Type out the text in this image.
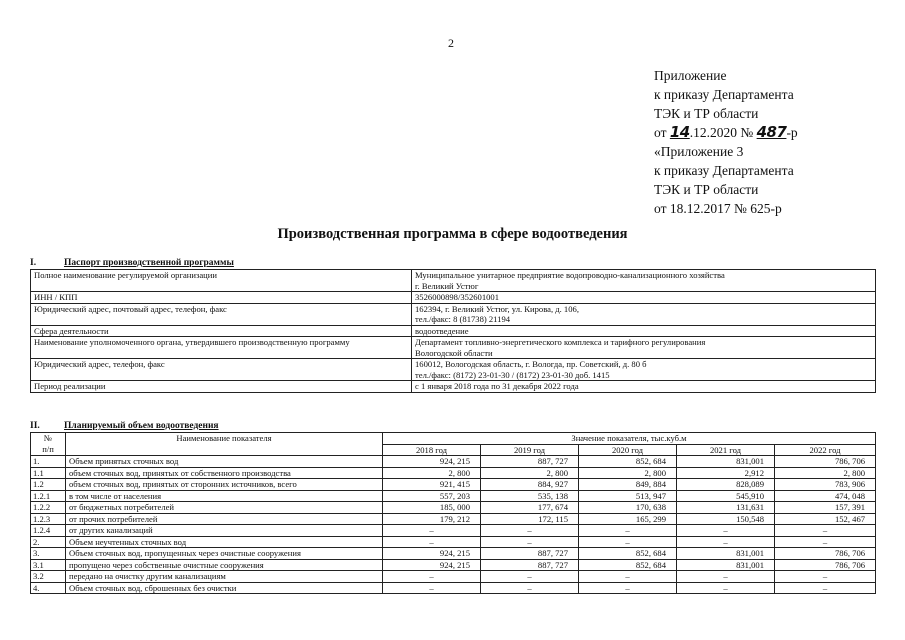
2
Приложение
к приказу Департамента
ТЭК и ТР области
от 14.12.2020 № 487-р
«Приложение 3
к приказу Департамента
ТЭК и ТР области
от 18.12.2017 № 625-р
Производственная программа в сфере водоотведения
I.	Паспорт производственной программы
Полное наименование регулируемой организации	Муниципальное унитарное предприятие водопроводно-канализационного хозяйства
г. Великий Устюг

ИНН / КПП	3526000898/352601001

Юридический адрес, почтовый адрес, телефон, факс	162394, г. Великий Устюг, ул. Кирова, д. 106,
тел./факс: 8 (81738) 21194

Сфера деятельности	водоотведение

Наименование уполномоченного органа, утвердившего производственную программу	Департамент топливно-энергетического комплекса и тарифного регулирования
Вологодской области

Юридический адрес, телефон, факс	160012, Вологодская область, г. Вологда, пр. Советский, д. 80 б
тел./факс: (8172) 23-01-30 / (8172) 23-01-30 доб. 1415

Период реализации	с 1 января 2018 года по 31 декабря 2022 года
II.	Планируемый объем водоотведения
№
п/п	Наименование показателя	Значение показателя, тыс.куб.м				
		2018 год	2019 год	2020 год	2021 год	2022 год
1.	Объем принятых сточных вод	924, 215	887, 727	852, 684	831,001	786, 706
1.1	объем сточных вод, принятых от собственного производства	2, 800	2, 800	2, 800	2,912	2, 800
1.2	объем сточных вод, принятых от сторонних источников, всего	921, 415	884, 927	849, 884	828,089	783, 906
1.2.1	в том числе от населения	557, 203	535, 138	513, 947	545,910	474, 048
1.2.2	от бюджетных потребителей	185, 000	177, 674	170, 638	131,631	157, 391
1.2.3	от прочих потребителей	179, 212	172, 115	165, 299	150,548	152, 467
1.2.4	от других канализаций	–	–	–	–	–
2.	Объем неучтенных сточных вод	–	–	–	–	–
3.	Объем сточных вод, пропущенных через очистные сооружения	924, 215	887, 727	852, 684	831,001	786, 706
3.1	пропущено через собственные очистные сооружения	924, 215	887, 727	852, 684	831,001	786, 706
3.2	передано на очистку другим канализациям	–	–	–	–	–
4.	Объем сточных вод, сброшенных без очистки	–	–	–	–	–
